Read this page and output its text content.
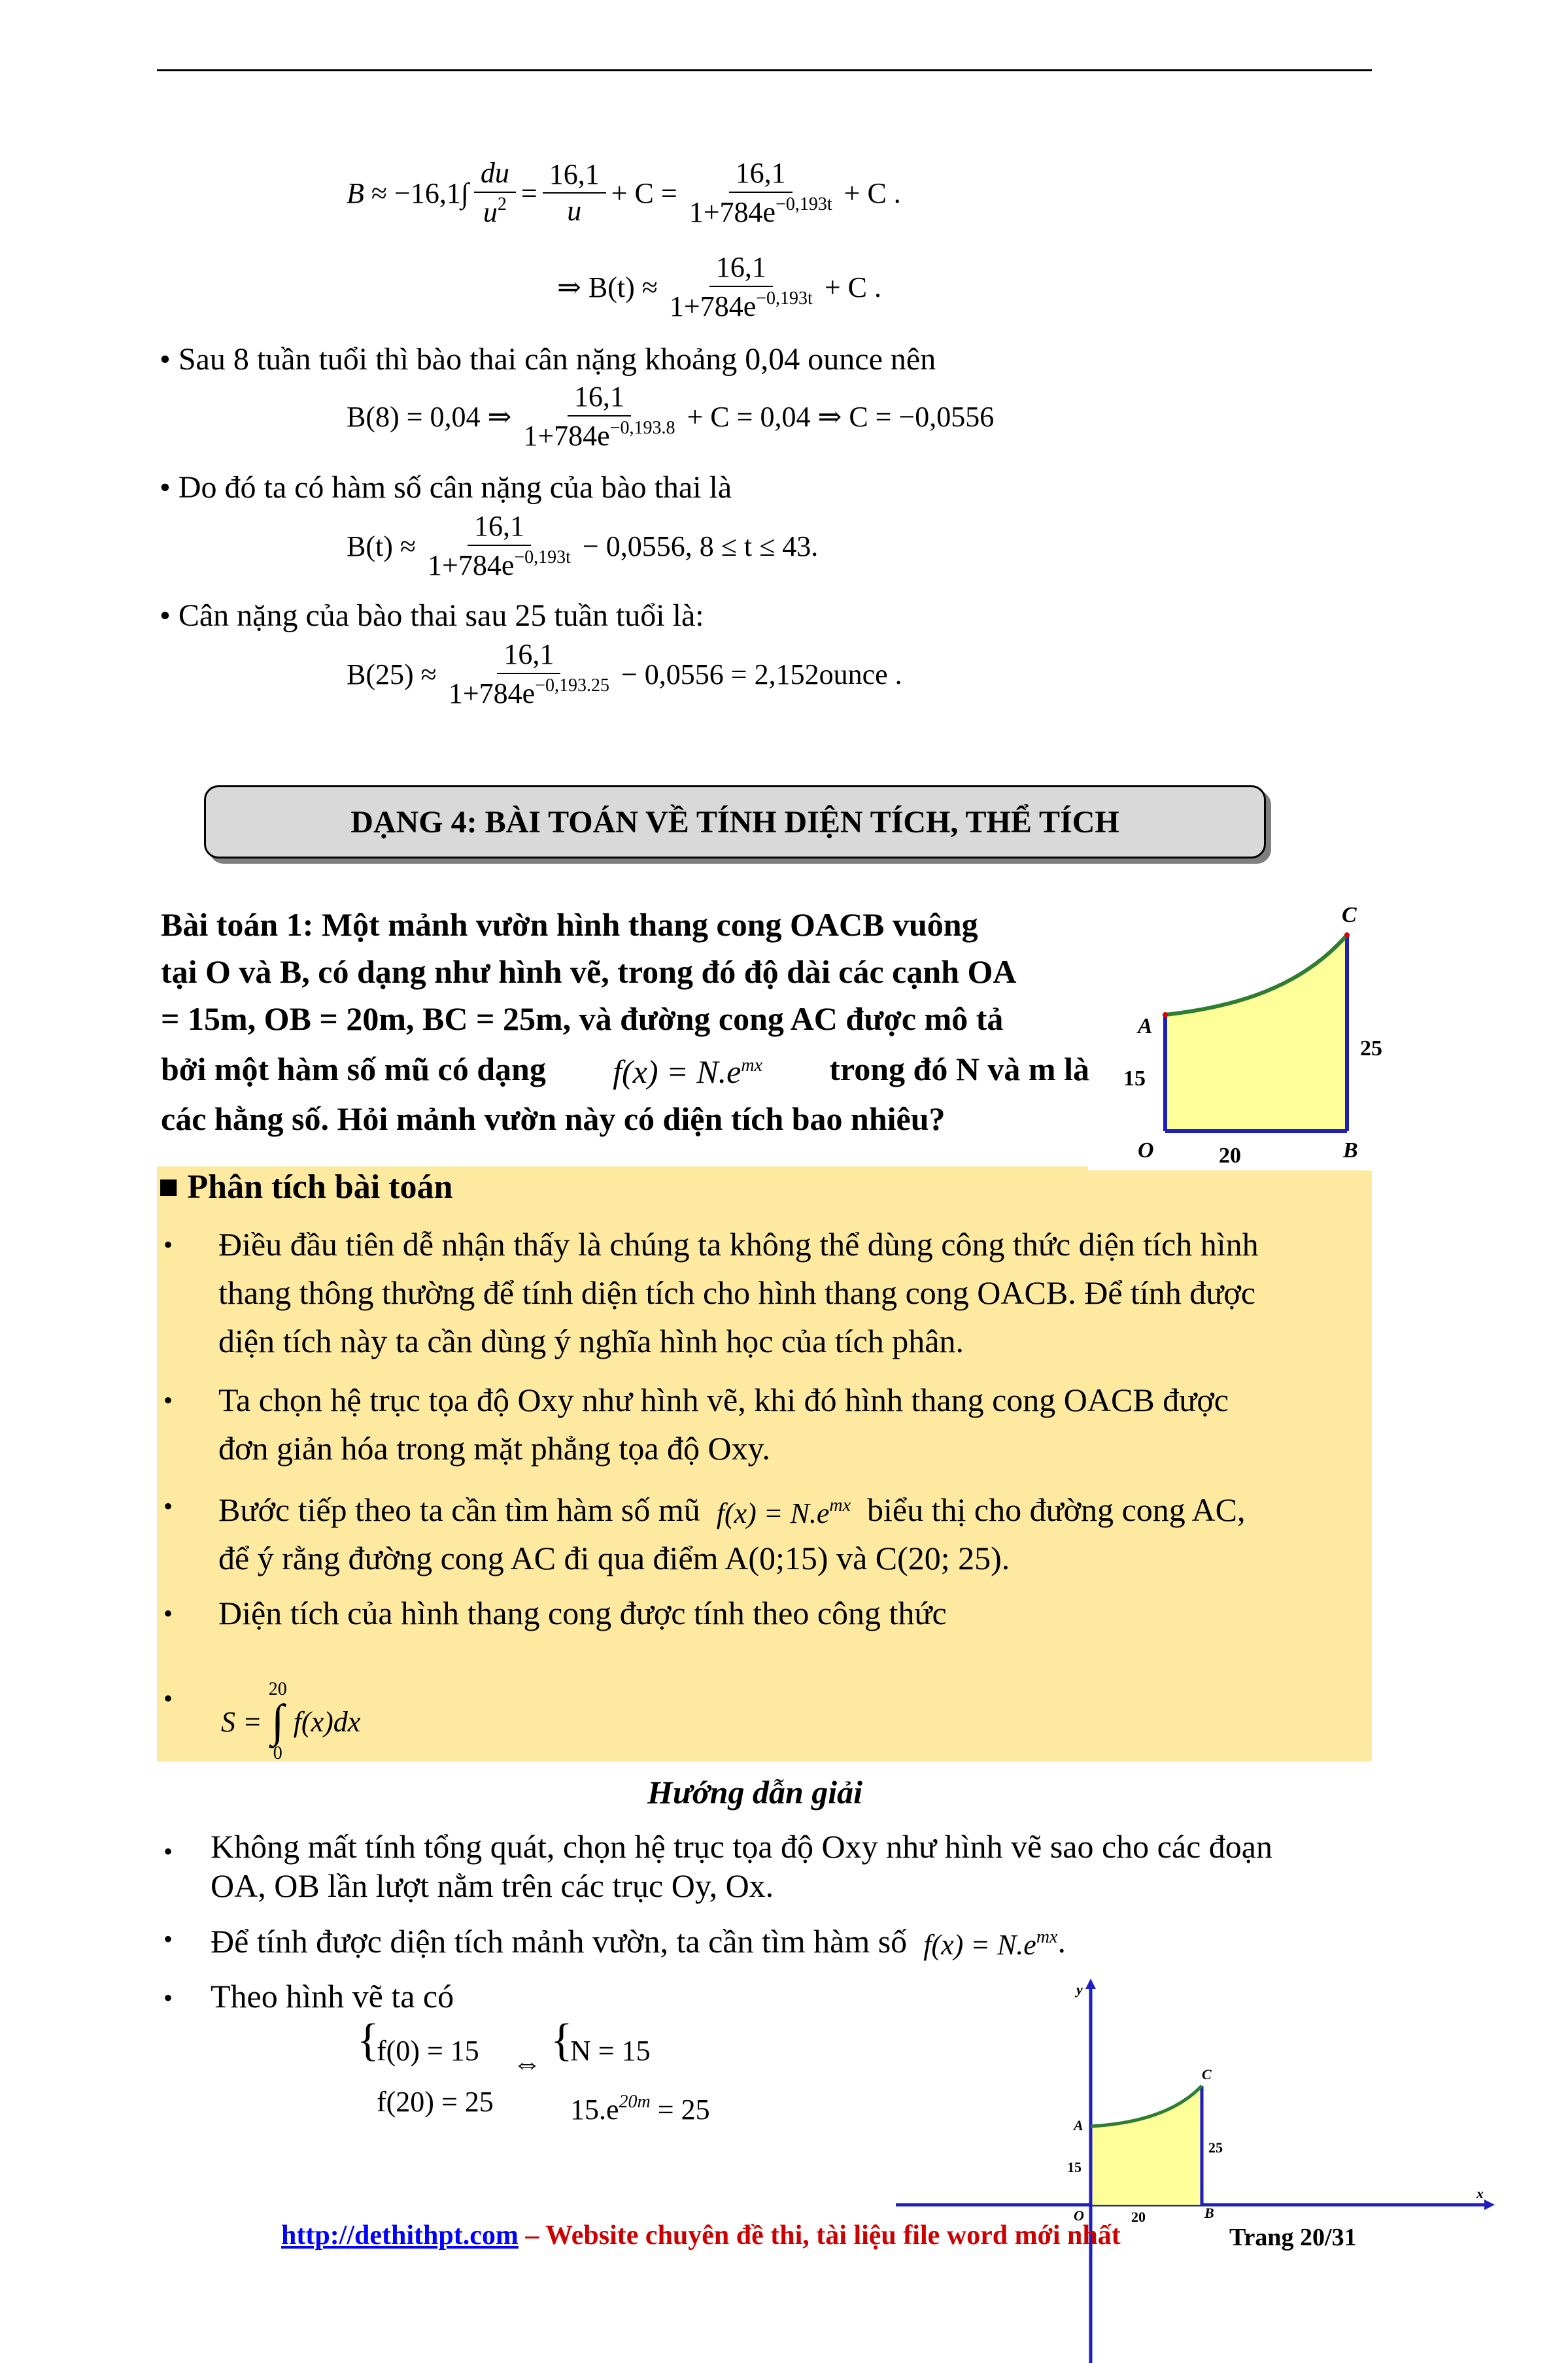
$B \approx -16,1\int \frac{du}{u^2} = \frac{16,1}{u} + C = \frac{16,1}{1+784e^{-0,193t}} + C$ .
⇒ $B(t) \approx \frac{16,1}{1+784e^{-0,193t}} + C$ .
• Sau 8 tuần tuổi thì bào thai cân nặng khoảng 0,04 ounce nên
B(8) = 0,04 ⇒ $\frac{16,1}{1+784e^{-0,193.8}} + C = 0,04$ ⇒ C = −0,0556
• Do đó ta có hàm số cân nặng của bào thai là
$B(t) \approx \frac{16,1}{1+784e^{-0,193t}} - 0,0556$, 8 ≤ t ≤ 43.
• Cân nặng của bào thai sau 25 tuần tuổi là:
$B(25) \approx \frac{16,1}{1+784e^{-0,193.25}} - 0,0556$ = 2,152ounce .
DẠNG 4: BÀI TOÁN VỀ TÍNH DIỆN TÍCH, THỂ TÍCH
Bài toán 1: Một mảnh vườn hình thang cong OACB vuông
tại O và B, có dạng như hình vẽ, trong đó độ dài các cạnh OA
= 15m, OB = 20m, BC = 25m, và đường cong AC được mô tả
bởi một hàm số mũ có dạng $f(x) = N.e^{mx}$ trong đó N và m là
các hằng số. Hỏi mảnh vườn này có diện tích bao nhiêu?
A
C
O	B
15
25
20
■ Phân tích bài toán
• Điều đầu tiên dễ nhận thấy là chúng ta không thể dùng công thức diện tích hình
thang thông thường để tính diện tích cho hình thang cong OACB. Để tính được
diện tích này ta cần dùng ý nghĩa hình học của tích phân.
• Ta chọn hệ trục tọa độ Oxy như hình vẽ, khi đó hình thang cong OACB được
đơn giản hóa trong mặt phẳng tọa độ Oxy.
• Bước tiếp theo ta cần tìm hàm số mũ
$f(x) = N.e^{mx}$
biểu thị cho đường cong AC,
để ý rằng đường cong AC đi qua điểm A(0;15) và C(20; 25).
• Diện tích của hình thang cong được tính theo công thức
•
S =
20
∫
0
f(x)dx
Hướng dẫn giải
• Không mất tính tổng quát, chọn hệ trục tọa độ Oxy như hình vẽ sao cho các đoạn
OA, OB lần lượt nằm trên các trục Oy, Ox.
• Để tính được diện tích mảnh vườn, ta cần tìm hàm số
$f(x) = N.e^{mx}$ .
• Theo hình vẽ ta có
{
f(0) = 15
f(20) = 25
⇔ {
N = 15
$15.e^{20m} = 25$
y
x
A
C
O	B
15
25
20
http://dethithpt.com – Website chuyên đề thi, tài liệu file word mới nhất	Trang 20/31
